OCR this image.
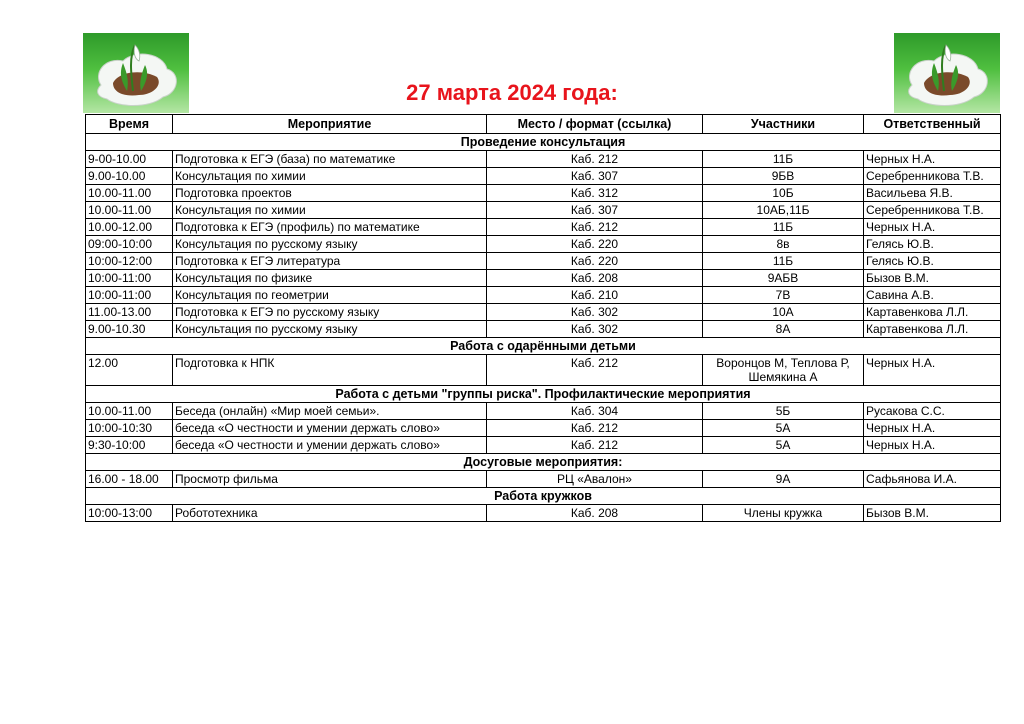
27 марта 2024 года:
Время	Мероприятие	Место / формат (ссылка)	Участники	Ответственный
Проведение консультация				
9-00-10.00	Подготовка к ЕГЭ (база) по математике	Каб. 212	11Б	Черных Н.А.
9.00-10.00	Консультация по химии	Каб. 307	9БВ	Серебренникова Т.В.
10.00-11.00	Подготовка проектов	Каб. 312	10Б	Васильева Я.В.
10.00-11.00	Консультация по химии	Каб. 307	10АБ,11Б	Серебренникова Т.В.
10.00-12.00	Подготовка к ЕГЭ (профиль) по математике	Каб. 212	11Б	Черных Н.А.
09:00-10:00	Консультация по русскому языку	Каб. 220	8в	Гелясь Ю.В.
10:00-12:00	Подготовка к ЕГЭ литература	Каб. 220	11Б	Гелясь Ю.В.
10:00-11:00	Консультация по физике	Каб. 208	9АБВ	Бызов В.М.
10:00-11:00	Консультация по геометрии	Каб. 210	7В	Савина А.В.
11.00-13.00	Подготовка к ЕГЭ по русскому языку	Каб. 302	10А	Картавенкова Л.Л.
9.00-10.30	Консультация по русскому языку	Каб. 302	8А	Картавенкова Л.Л.
Работа с одарёнными детьми				
12.00	Подготовка к НПК	Каб. 212	Воронцов М, Теплова Р, Шемякина А	Черных Н.А.
Работа с детьми "группы риска". Профилактические мероприятия				
10.00-11.00	Беседа (онлайн) «Мир моей семьи».	Каб. 304	5Б	Русакова С.С.
10:00-10:30	беседа «О честности и умении держать слово»	Каб. 212	5А	Черных Н.А.
9:30-10:00	беседа «О честности и умении держать слово»	Каб. 212	5А	Черных Н.А.
Досуговые мероприятия:				
16.00 - 18.00	Просмотр фильма	РЦ «Авалон»	9А	Сафьянова И.А.
Работа кружков				
10:00-13:00	Робототехника	Каб. 208	Члены кружка	Бызов В.М.
